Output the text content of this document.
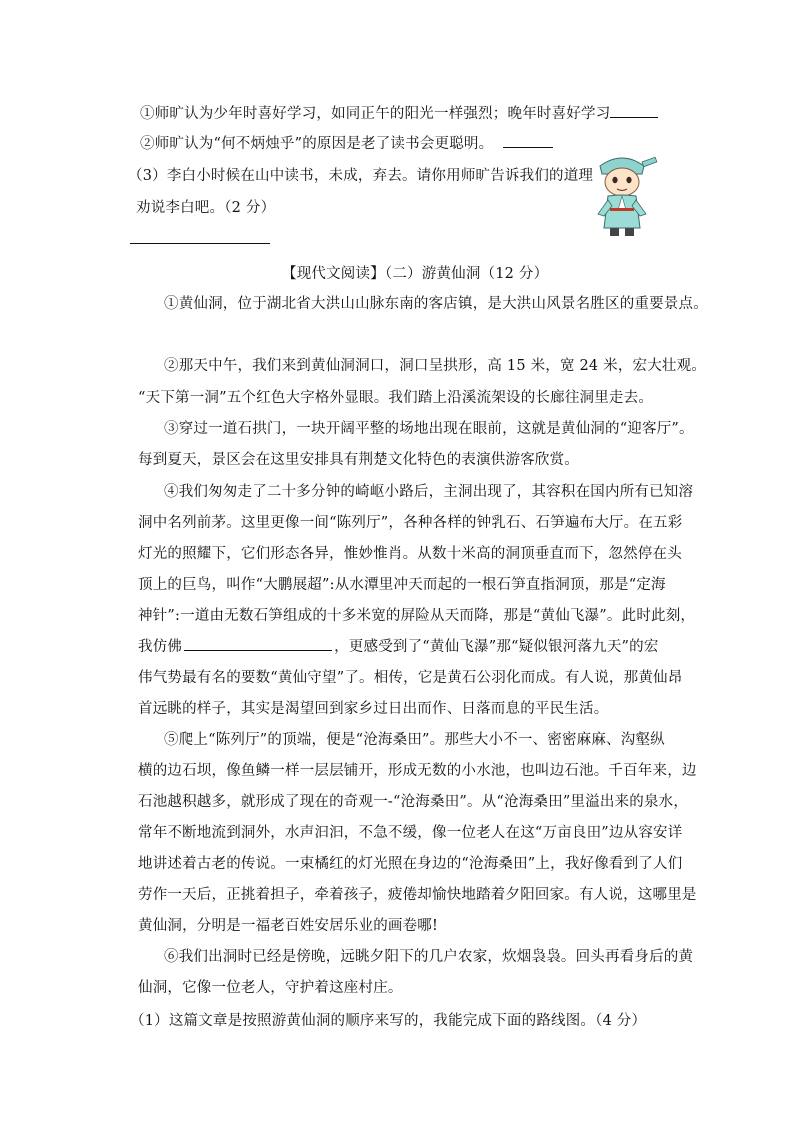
①师旷认为少年时喜好学习，如同正午的阳光一样强烈；晚年时喜好学习
②师旷认为“何不炳烛乎”的原因是老了读书会更聪明。
（3）李白小时候在山中读书，未成，弃去。请你用师旷告诉我们的道理
劝说李白吧。（2 分）
【现代文阅读】（二）游黄仙洞（12 分）
①黄仙洞，位于湖北省大洪山山脉东南的客店镇，是大洪山风景名胜区的重要景点。
②那天中午，我们来到黄仙洞洞口，洞口呈拱形，高 15 米，宽 24 米，宏大壮观。
“天下第一洞”五个红色大字格外显眼。我们踏上沿溪流架设的长廊往洞里走去。
③穿过一道石拱门，一块开阔平整的场地出现在眼前，这就是黄仙洞的“迎客厅”。
每到夏天，景区会在这里安排具有荆楚文化特色的表演供游客欣赏。
④我们匆匆走了二十多分钟的崎岖小路后，主洞出现了，其容积在国内所有已知溶
洞中名列前茅。这里更像一间“陈列厅”，各种各样的钟乳石、石笋遍布大厅。在五彩
灯光的照耀下，它们形态各异，惟妙惟肖。从数十米高的洞顶垂直而下，忽然停在头
顶上的巨鸟，叫作“大鹏展超”:从水潭里冲天而起的一根石笋直指洞顶，那是“定海
神针”:一道由无数石笋组成的十多米宽的屏险从天而降，那是“黄仙飞瀑”。此时此刻，
我仿佛	，更感受到了“黄仙飞瀑”那“疑似银河落九天”的宏
伟气势最有名的要数“黄仙守望”了。相传，它是黄石公羽化而成。有人说，那黄仙昂
首远眺的样子，其实是渴望回到家乡过日出而作、日落而息的平民生活。
⑤爬上“陈列厅”的顶端，便是“沧海桑田”。那些大小不一、密密麻麻、沟壑纵
横的边石坝，像鱼鳞一样一层层铺开，形成无数的小水池，也叫边石池。千百年来，边
石池越积越多，就形成了现在的奇观一-“沧海桑田”。从“沧海桑田”里溢出来的泉水，
常年不断地流到洞外，水声汩汩，不急不缓，像一位老人在这“万亩良田”边从容安详
地讲述着古老的传说。一束橘红的灯光照在身边的“沧海桑田”上，我好像看到了人们
劳作一天后，正挑着担子，牵着孩子，疲倦却愉快地踏着夕阳回家。有人说，这哪里是
黄仙洞，分明是一福老百姓安居乐业的画卷哪!
⑥我们出洞时已经是傍晚，远眺夕阳下的几户农家，炊烟袅袅。回头再看身后的黄
仙洞，它像一位老人，守护着这座村庄。
（1）这篇文章是按照游黄仙洞的顺序来写的，我能完成下面的路线图。（4 分）
